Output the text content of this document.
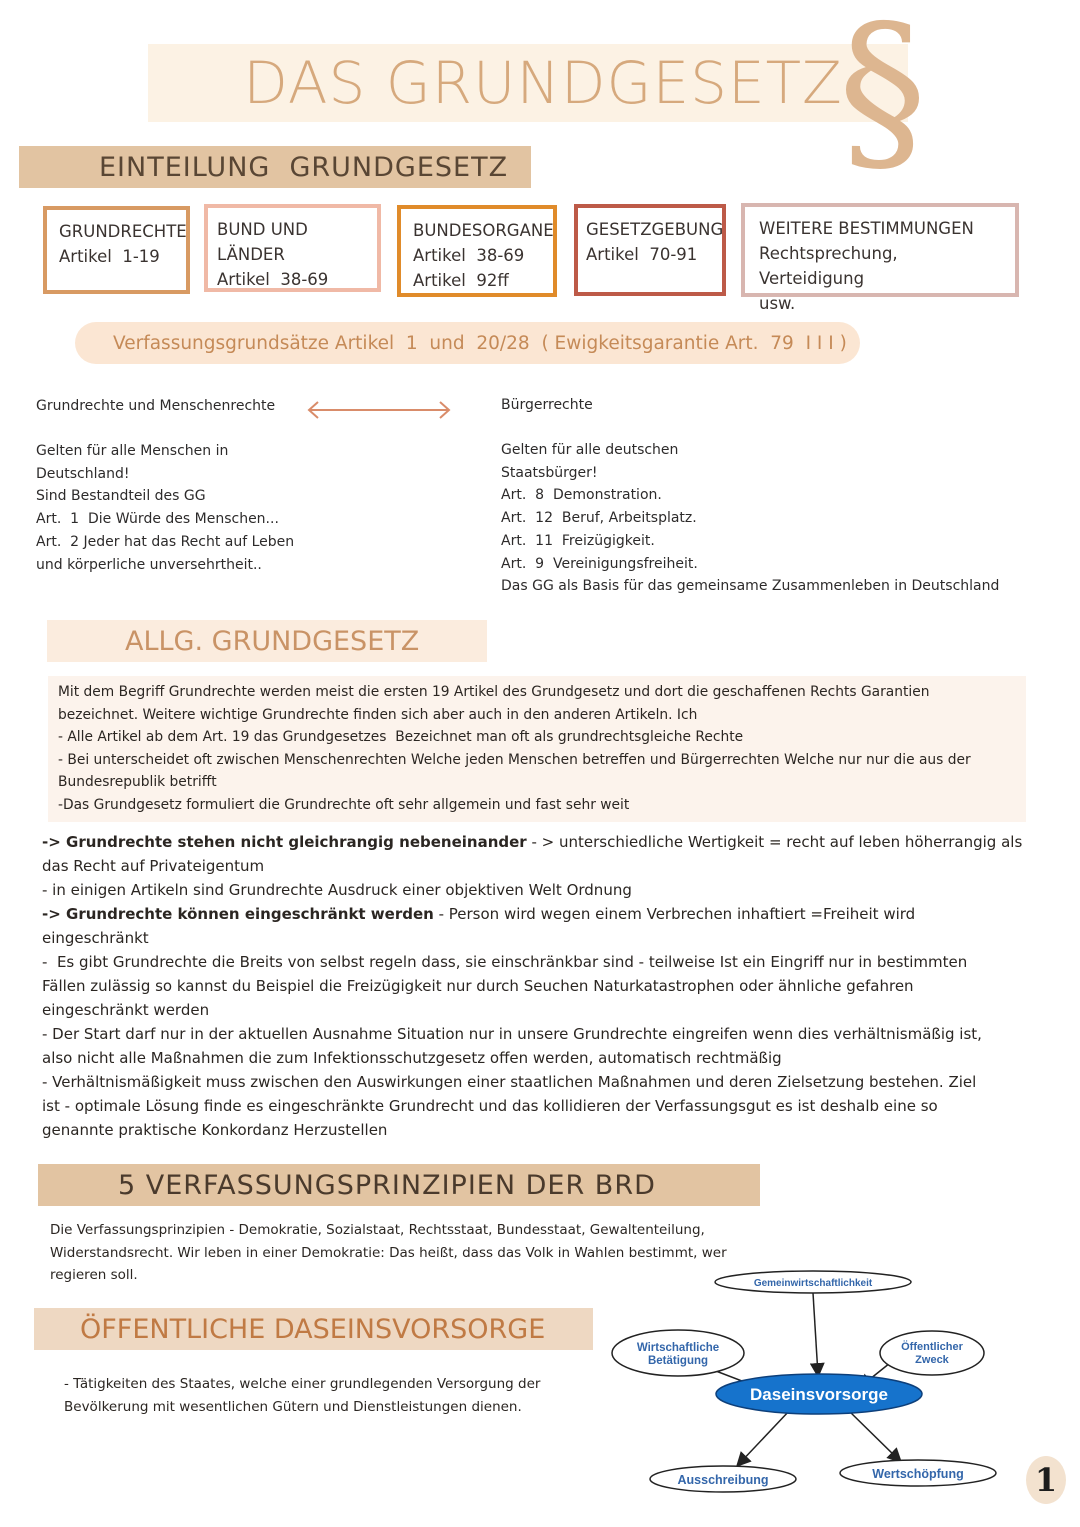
DAS GRUNDGESETZ
§
EINTEILUNG  GRUNDGESETZ
GRUNDRECHTE
Artikel  1-19
BUND UND LÄNDER
Artikel  38-69
BUNDESORGANE
Artikel  38-69
Artikel  92ff
GESETZGEBUNG
Artikel  70-91
WEITERE BESTIMMUNGEN
Rechtsprechung, Verteidigung
usw.
Verfassungsgrundsätze Artikel  1  und  20/28  ( Ewigkeitsgarantie Art.  79  I I I )
Grundrechte und Menschenrechte	Bürgerrechte

Gelten für alle Menschen in

Deutschland!

Sind Bestandteil des GG

Art.  1  Die Würde des Menschen...

Art.  2 Jeder hat das Recht auf Leben

und körperliche unversehrtheit..

Gelten für alle deutschen

Staatsbürger!

Art.  8  Demonstration.

Art.  12  Beruf, Arbeitsplatz.

Art.  11  Freizügigkeit.

Art.  9  Vereinigungsfreiheit.

Das GG als Basis für das gemeinsame Zusammenleben in Deutschland

ALLG. GRUNDGESETZ

Mit dem Begriff Grundrechte werden meist die ersten 19 Artikel des Grundgesetz und dort die geschaffenen Rechts Garantien

bezeichnet. Weitere wichtige Grundrechte finden sich aber auch in den anderen Artikeln. Ich

- Alle Artikel ab dem Art. 19 das Grundgesetzes  Bezeichnet man oft als grundrechtsgleiche Rechte

- Bei unterscheidet oft zwischen Menschenrechten Welche jeden Menschen betreffen und Bürgerrechten Welche nur nur die aus der

Bundesrepublik betrifft

-Das Grundgesetz formuliert die Grundrechte oft sehr allgemein und fast sehr weit

-> Grundrechte stehen nicht gleichrangig nebeneinander - > unterschiedliche Wertigkeit = recht auf leben höherrangig als

das Recht auf Privateigentum

- in einigen Artikeln sind Grundrechte Ausdruck einer objektiven Welt Ordnung

-> Grundrechte können eingeschränkt werden - Person wird wegen einem Verbrechen inhaftiert =Freiheit wird

eingeschränkt

-  Es gibt Grundrechte die Breits von selbst regeln dass, sie einschränkbar sind - teilweise Ist ein Eingriff nur in bestimmten

Fällen zulässig so kannst du Beispiel die Freizügigkeit nur durch Seuchen Naturkatastrophen oder ähnliche gefahren

eingeschränkt werden

- Der Start darf nur in der aktuellen Ausnahme Situation nur in unsere Grundrechte eingreifen wenn dies verhältnismäßig ist,

also nicht alle Maßnahmen die zum Infektionsschutzgesetz offen werden, automatisch rechtmäßig

- Verhältnismäßigkeit muss zwischen den Auswirkungen einer staatlichen Maßnahmen und deren Zielsetzung bestehen. Ziel

ist - optimale Lösung finde es eingeschränkte Grundrecht und das kollidieren der Verfassungsgut es ist deshalb eine so

genannte praktische Konkordanz Herzustellen

5 VERFASSUNGSPRINZIPIEN DER BRD

Die Verfassungsprinzipien - Demokratie, Sozialstaat, Rechtsstaat, Bundesstaat, Gewaltenteilung,

Widerstandsrecht. Wir leben in einer Demokratie: Das heißt, dass das Volk in Wahlen bestimmt, wer

regieren soll.

ÖFFENTLICHE DASEINSVORSORGE

- Tätigkeiten des Staates, welche einer grundlegenden Versorgung der

Bevölkerung mit wesentlichen Gütern und Dienstleistungen dienen.

Gemeinwirtschaftlichkeit
Wirtschaftliche
Betätigung
Öffentlicher
Zweck
Daseinsvorsorge
Ausschreibung	Wertschöpfung 1
